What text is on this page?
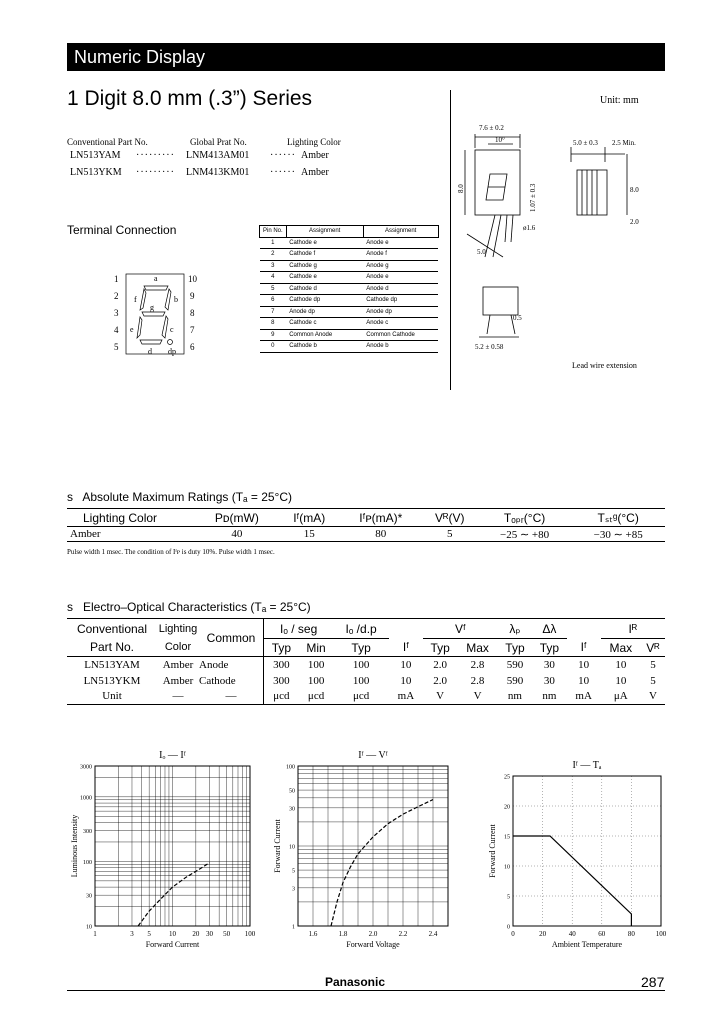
Numeric Display
1 Digit 8.0 mm (.3”) Series	Unit: mm
Conventional Part No.	Global Prat No.	Lighting Color
LN513YAM ········· LNM413AM01 ······ Amber
LN513YKM ········· LNM413KM01 ······ Amber
7.6 ± 0.2
10°
8.0
5.0 ± 0.3 2.5 Min.
8.0
2.0
1.07 ± 0.3
ø1.6
5.0
0.5
5.2 ± 0.58
Lead wire extension
Terminal Connection
1
2
3
4
5
10
9
8
7
6
a
b
c
d
e
f
g
dp
Pin No.	Assignment	Assignment
1	Cathode e	Anode e
2	Cathode f	Anode f
3	Cathode g	Anode g
4	Cathode e	Anode e
5	Cathode d	Anode d
6	Cathode dp	Cathode dp
7	Anode dp	Anode dp
8	Cathode c	Anode c
9	Common Anode	Common Cathode
0	Cathode b	Anode b
s Absolute Maximum Ratings (Tₐ = 25°C)
Lighting Color	Pᴅ(mW)	Iᶠ(mA)	Iᶠᴘ(mA)*	Vᴿ(V)	Tₒₚᵣ(°C)	Tₛₜᵍ(°C)
Amber	40	15	80	5	−25 ∼ +80	−30 ∼ +85
Pulse width 1 msec. The condition of Iᶠᴘ is duty 10%. Pulse width 1 msec.
s Electro–Optical Characteristics (Tₐ = 25°C)
Conventional	Lighting	Common	Iₒ / seg		Iₒ /d.p		Vᶠ		λₚ	Δλ		Iᴿ	
Part No.	Color		Typ	Min	Typ	Iᶠ	Typ	Max	Typ	Typ	Iᶠ	Max	Vᴿ
LN513YAM	Amber	Anode	300	100	100	10	2.0	2.8	590	30	10	10	5
LN513YKM	Amber	Cathode	300	100	100	10	2.0	2.8	590	30	10	10	5
Unit	—	—	μcd	μcd	μcd	mA	V	V	nm	nm	mA	μA	V
1	3 5	10 20 30 50 100
3000
1000
300
100
30
10
Iₒ — Iᶠ
Forward Current
Luminous Intensity
1.6	1.8	2.0	2.2	2.4
100
50
30
10
5
3
1
Iᶠ — Vᶠ
Forward Voltage
Forward Current
0	20	40	60	80	100
25
20
15
10
5
0
Iᶠ — Tₐ
Ambient Temperature
Forward Current
Panasonic	287
